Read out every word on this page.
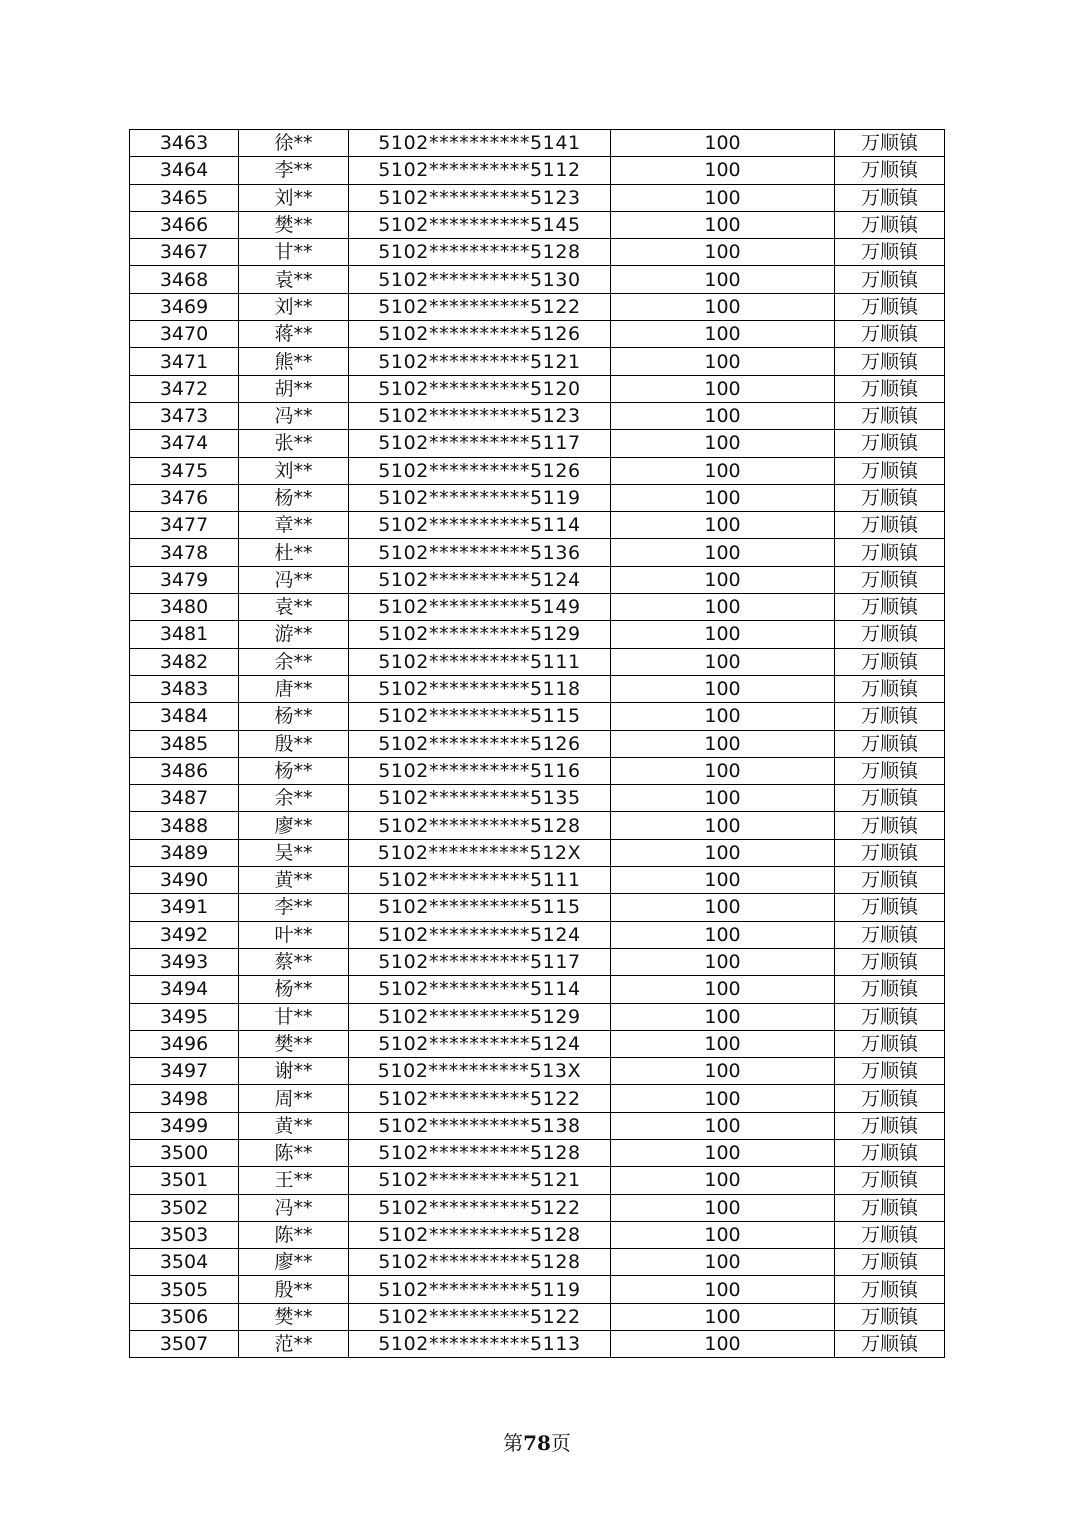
3463	徐**	5102**********5141	100	万顺镇
3464	李**	5102**********5112	100	万顺镇
3465	刘**	5102**********5123	100	万顺镇
3466	樊**	5102**********5145	100	万顺镇
3467	甘**	5102**********5128	100	万顺镇
3468	袁**	5102**********5130	100	万顺镇
3469	刘**	5102**********5122	100	万顺镇
3470	蒋**	5102**********5126	100	万顺镇
3471	熊**	5102**********5121	100	万顺镇
3472	胡**	5102**********5120	100	万顺镇
3473	冯**	5102**********5123	100	万顺镇
3474	张**	5102**********5117	100	万顺镇
3475	刘**	5102**********5126	100	万顺镇
3476	杨**	5102**********5119	100	万顺镇
3477	章**	5102**********5114	100	万顺镇
3478	杜**	5102**********5136	100	万顺镇
3479	冯**	5102**********5124	100	万顺镇
3480	袁**	5102**********5149	100	万顺镇
3481	游**	5102**********5129	100	万顺镇
3482	余**	5102**********5111	100	万顺镇
3483	唐**	5102**********5118	100	万顺镇
3484	杨**	5102**********5115	100	万顺镇
3485	殷**	5102**********5126	100	万顺镇
3486	杨**	5102**********5116	100	万顺镇
3487	余**	5102**********5135	100	万顺镇
3488	廖**	5102**********5128	100	万顺镇
3489	吴**	5102**********512X	100	万顺镇
3490	黄**	5102**********5111	100	万顺镇
3491	李**	5102**********5115	100	万顺镇
3492	叶**	5102**********5124	100	万顺镇
3493	蔡**	5102**********5117	100	万顺镇
3494	杨**	5102**********5114	100	万顺镇
3495	甘**	5102**********5129	100	万顺镇
3496	樊**	5102**********5124	100	万顺镇
3497	谢**	5102**********513X	100	万顺镇
3498	周**	5102**********5122	100	万顺镇
3499	黄**	5102**********5138	100	万顺镇
3500	陈**	5102**********5128	100	万顺镇
3501	王**	5102**********5121	100	万顺镇
3502	冯**	5102**********5122	100	万顺镇
3503	陈**	5102**********5128	100	万顺镇
3504	廖**	5102**********5128	100	万顺镇
3505	殷**	5102**********5119	100	万顺镇
3506	樊**	5102**********5122	100	万顺镇
3507	范**	5102**********5113	100	万顺镇
第78页
